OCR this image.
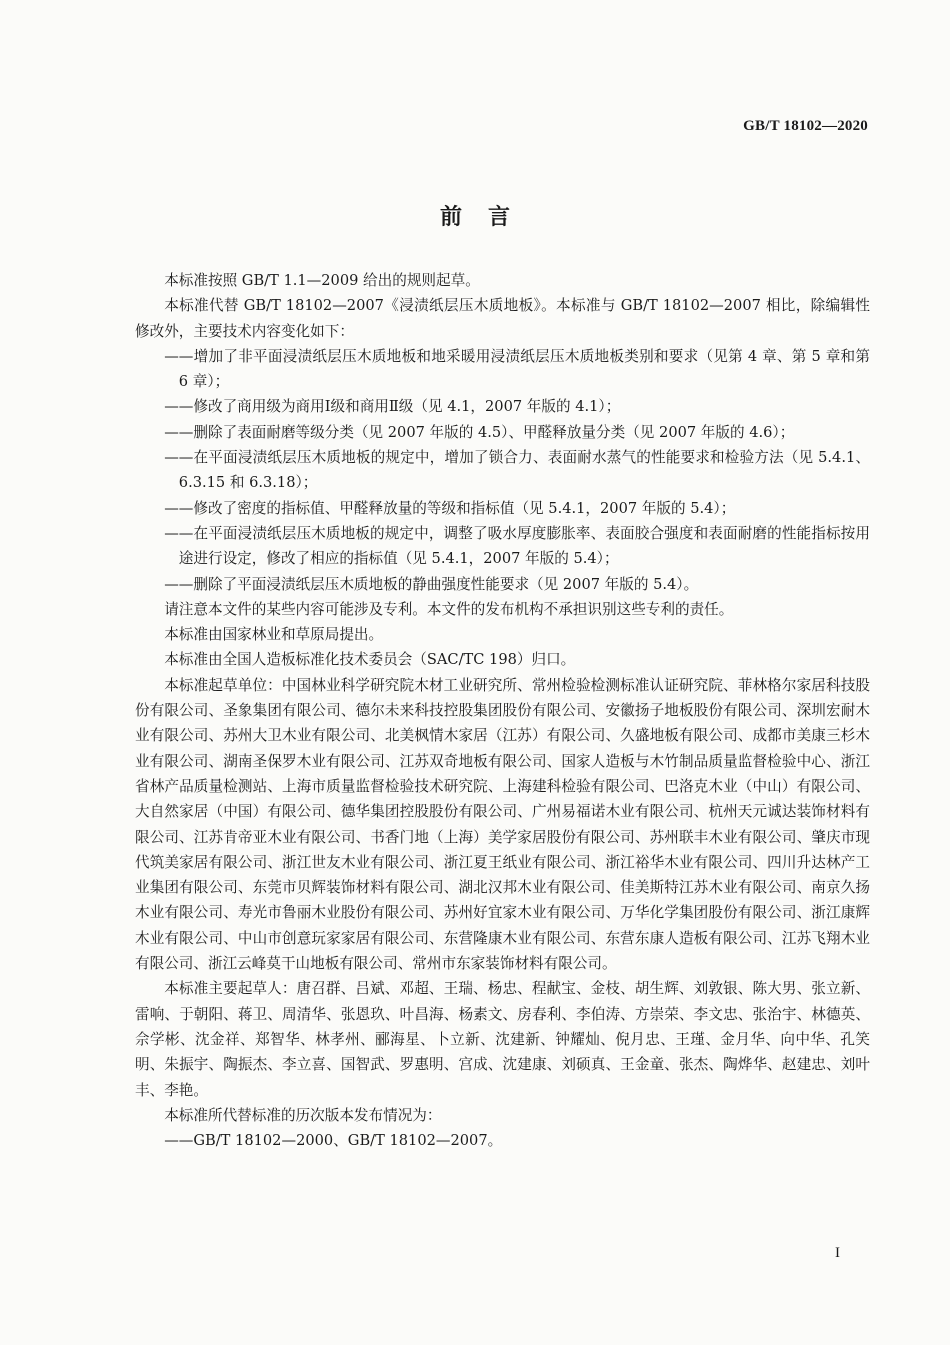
GB/T 18102—2020
前言

本标准按照 GB/T 1.1—2009 给出的规则起草。

本标准代替 GB/T 18102—2007《浸渍纸层压木质地板》。本标准与 GB/T 18102—2007 相比，除编辑性修改外，主要技术内容变化如下：

——增加了非平面浸渍纸层压木质地板和地采暖用浸渍纸层压木质地板类别和要求（见第 4 章、第 5 章和第 6 章）；

——修改了商用级为商用Ⅰ级和商用Ⅱ级（见 4.1，2007 年版的 4.1）；

——删除了表面耐磨等级分类（见 2007 年版的 4.5）、甲醛释放量分类（见 2007 年版的 4.6）；

——在平面浸渍纸层压木质地板的规定中，增加了锁合力、表面耐水蒸气的性能要求和检验方法（见 5.4.1、6.3.15 和 6.3.18）；

——修改了密度的指标值、甲醛释放量的等级和指标值（见 5.4.1，2007 年版的 5.4）；

——在平面浸渍纸层压木质地板的规定中，调整了吸水厚度膨胀率、表面胶合强度和表面耐磨的性能指标按用途进行设定，修改了相应的指标值（见 5.4.1，2007 年版的 5.4）；

——删除了平面浸渍纸层压木质地板的静曲强度性能要求（见 2007 年版的 5.4）。

请注意本文件的某些内容可能涉及专利。本文件的发布机构不承担识别这些专利的责任。

本标准由国家林业和草原局提出。

本标准由全国人造板标准化技术委员会（SAC/TC 198）归口。

本标准起草单位：中国林业科学研究院木材工业研究所、常州检验检测标准认证研究院、菲林格尔家居科技股份有限公司、圣象集团有限公司、德尔未来科技控股集团股份有限公司、安徽扬子地板股份有限公司、深圳宏耐木业有限公司、苏州大卫木业有限公司、北美枫情木家居（江苏）有限公司、久盛地板有限公司、成都市美康三杉木业有限公司、湖南圣保罗木业有限公司、江苏双奇地板有限公司、国家人造板与木竹制品质量监督检验中心、浙江省林产品质量检测站、上海市质量监督检验技术研究院、上海建科检验有限公司、巴洛克木业（中山）有限公司、大自然家居（中国）有限公司、德华集团控股股份有限公司、广州易福诺木业有限公司、杭州天元诚达装饰材料有限公司、江苏肯帝亚木业有限公司、书香门地（上海）美学家居股份有限公司、苏州联丰木业有限公司、肇庆市现代筑美家居有限公司、浙江世友木业有限公司、浙江夏王纸业有限公司、浙江裕华木业有限公司、四川升达林产工业集团有限公司、东莞市贝辉装饰材料有限公司、湖北汉邦木业有限公司、佳美斯特江苏木业有限公司、南京久扬木业有限公司、寿光市鲁丽木业股份有限公司、苏州好宜家木业有限公司、万华化学集团股份有限公司、浙江康辉木业有限公司、中山市创意玩家家居有限公司、东营隆康木业有限公司、东营东康人造板有限公司、江苏飞翔木业有限公司、浙江云峰莫干山地板有限公司、常州市东家装饰材料有限公司。

本标准主要起草人：唐召群、吕斌、邓超、王瑞、杨忠、程献宝、金枝、胡生辉、刘敦银、陈大男、张立新、雷响、于朝阳、蒋卫、周清华、张恩玖、叶昌海、杨素文、房春利、李伯涛、方崇荣、李文忠、张治宇、林德英、佘学彬、沈金祥、郑智华、林孝州、郦海星、卜立新、沈建新、钟耀灿、倪月忠、王瑾、金月华、向中华、孔笑明、朱振宇、陶振杰、李立喜、国智武、罗惠明、宫成、沈建康、刘硕真、王金童、张杰、陶烨华、赵建忠、刘叶丰、李艳。

本标准所代替标准的历次版本发布情况为：

——GB/T 18102—2000、GB/T 18102—2007。

I
